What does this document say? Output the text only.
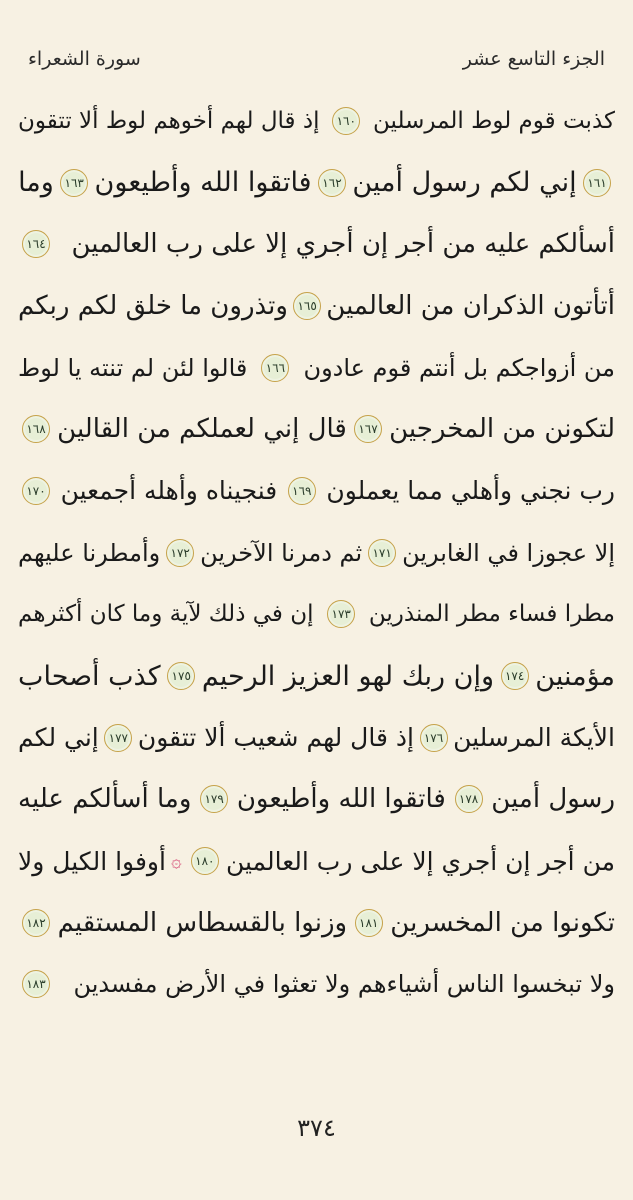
الجزء التاسع عشر
سورة الشعراء
كذبت قوم لوط المرسلين
١٦٠
إذ قال لهم أخوهم لوط ألا تتقون
١٦١
إني لكم رسول أمين
١٦٢
فاتقوا الله وأطيعون
١٦٣
وما
أسألكم عليه من أجر إن أجري إلا على رب العالمين
١٦٤
أتأتون الذكران من العالمين
١٦٥
وتذرون ما خلق لكم ربكم
من أزواجكم بل أنتم قوم عادون
١٦٦
قالوا لئن لم تنته يا لوط
لتكونن من المخرجين
١٦٧
قال إني لعملكم من القالين
١٦٨
رب نجني وأهلي مما يعملون
١٦٩
فنجيناه وأهله أجمعين
١٧٠
إلا عجوزا في الغابرين
١٧١
ثم دمرنا الآخرين
١٧٢
وأمطرنا عليهم
مطرا فساء مطر المنذرين
١٧٣
إن في ذلك لآية وما كان أكثرهم
مؤمنين
١٧٤
وإن ربك لهو العزيز الرحيم
١٧٥
كذب أصحاب
الأيكة المرسلين
١٧٦
إذ قال لهم شعيب ألا تتقون
١٧٧
إني لكم
رسول أمين
١٧٨
فاتقوا الله وأطيعون
١٧٩
وما أسألكم عليه
من أجر إن أجري إلا على رب العالمين
١٨٠
۞
أوفوا الكيل ولا
تكونوا من المخسرين
١٨١
وزنوا بالقسطاس المستقيم
١٨٢
ولا تبخسوا الناس أشياءهم ولا تعثوا في الأرض مفسدين
١٨٣
٣٧٤
